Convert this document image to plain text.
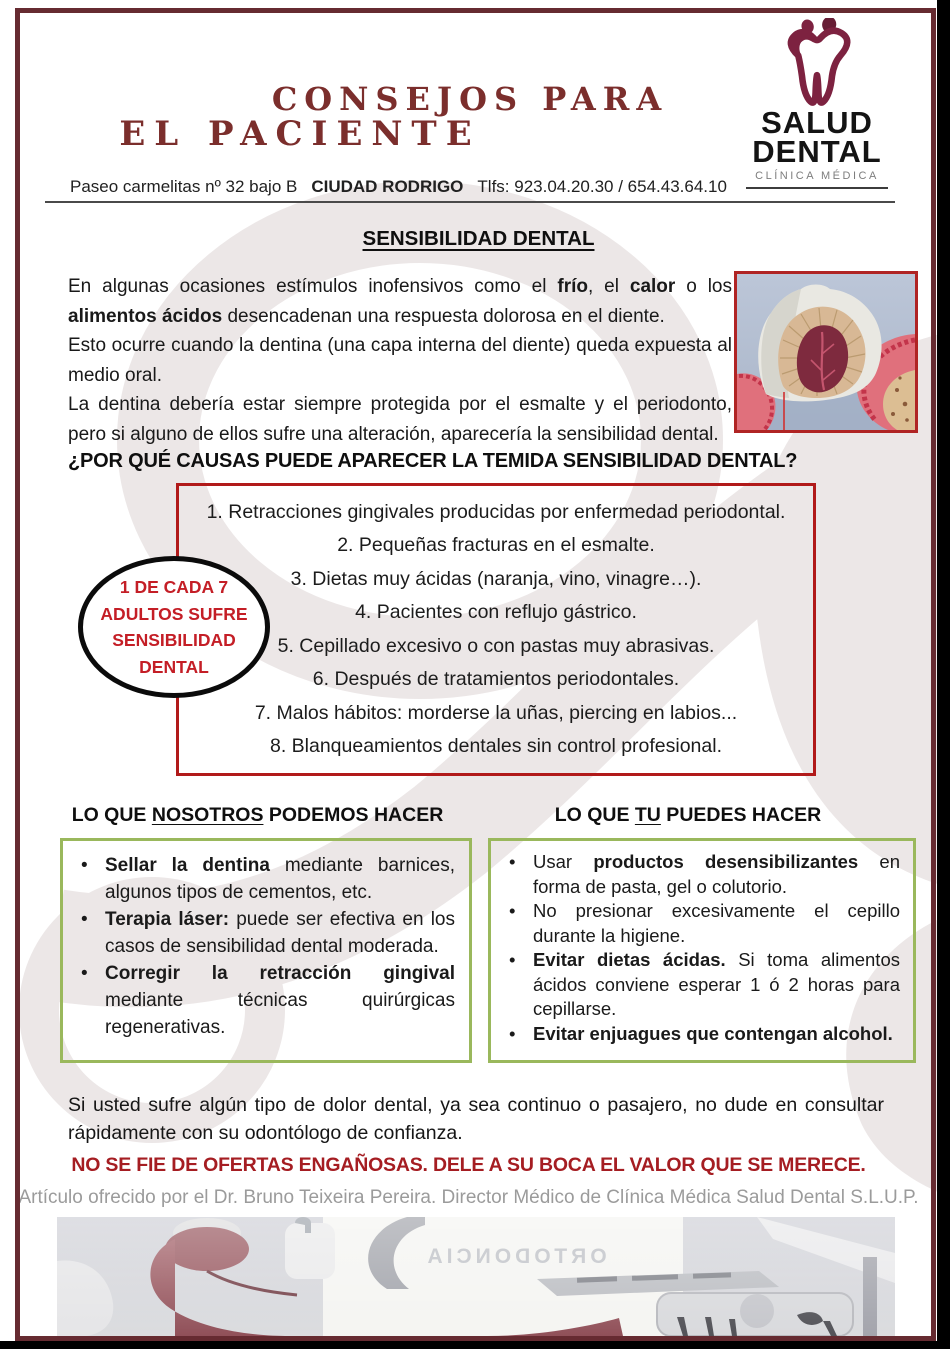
CONSEJOS PARA
EL PACIENTE	SALUD
DENTAL
CLÍNICA MÉDICA
Paseo carmelitas nº 32 bajo B CIUDAD RODRIGO Tlfs: 923.04.20.30 / 654.43.64.10
SENSIBILIDAD DENTAL

En algunas ocasiones estímulos inofensivos como el frío, el calor o los alimentos ácidos desencadenan una respuesta dolorosa en el diente.

Esto ocurre cuando la dentina (una capa interna del diente) queda expuesta al medio oral.

La dentina debería estar siempre protegida por el esmalte y el periodonto, pero si alguno de ellos sufre una alteración, aparecería la sensibilidad dental.

¿POR QUÉ CAUSAS PUEDE APARECER LA TEMIDA SENSIBILIDAD DENTAL?
1. Retracciones gingivales producidas por enfermedad periodontal.
2. Pequeñas fracturas en el esmalte.
3. Dietas muy ácidas (naranja, vino, vinagre…).
4. Pacientes con reflujo gástrico.
5. Cepillado excesivo o con pastas muy abrasivas.
6. Después de tratamientos periodontales.
7. Malos hábitos: morderse la uñas, piercing en labios...
8. Blanqueamientos dentales sin control profesional.
1 DE CADA 7
ADULTOS SUFRE
SENSIBILIDAD
DENTAL
LO QUE NOSOTROS PODEMOS HACER	LO QUE TU PUEDES HACER
• Sellar la dentina mediante barnices, algunos tipos de cementos, etc.
• Terapia láser: puede ser efectiva en los casos de sensibilidad dental moderada.
• Corregir la retracción gingival mediante técnicas quirúrgicas regenerativas.
• Usar productos desensibilizantes en forma de pasta, gel o colutorio.
• No presionar excesivamente el cepillo durante la higiene.
• Evitar dietas ácidas. Si toma alimentos ácidos conviene esperar 1 ó 2 horas para cepillarse.
• Evitar enjuagues que contengan alcohol.
Si usted sufre algún tipo de dolor dental, ya sea continuo o pasajero, no dude en consultar rápidamente con su odontólogo de confianza.
NO SE FIE DE OFERTAS ENGAÑOSAS. DELE A SU BOCA EL VALOR QUE SE MERECE.
Artículo ofrecido por el Dr. Bruno Teixeira Pereira. Director Médico de Clínica Médica Salud Dental S.L.U.P.
ORTODONCIA
